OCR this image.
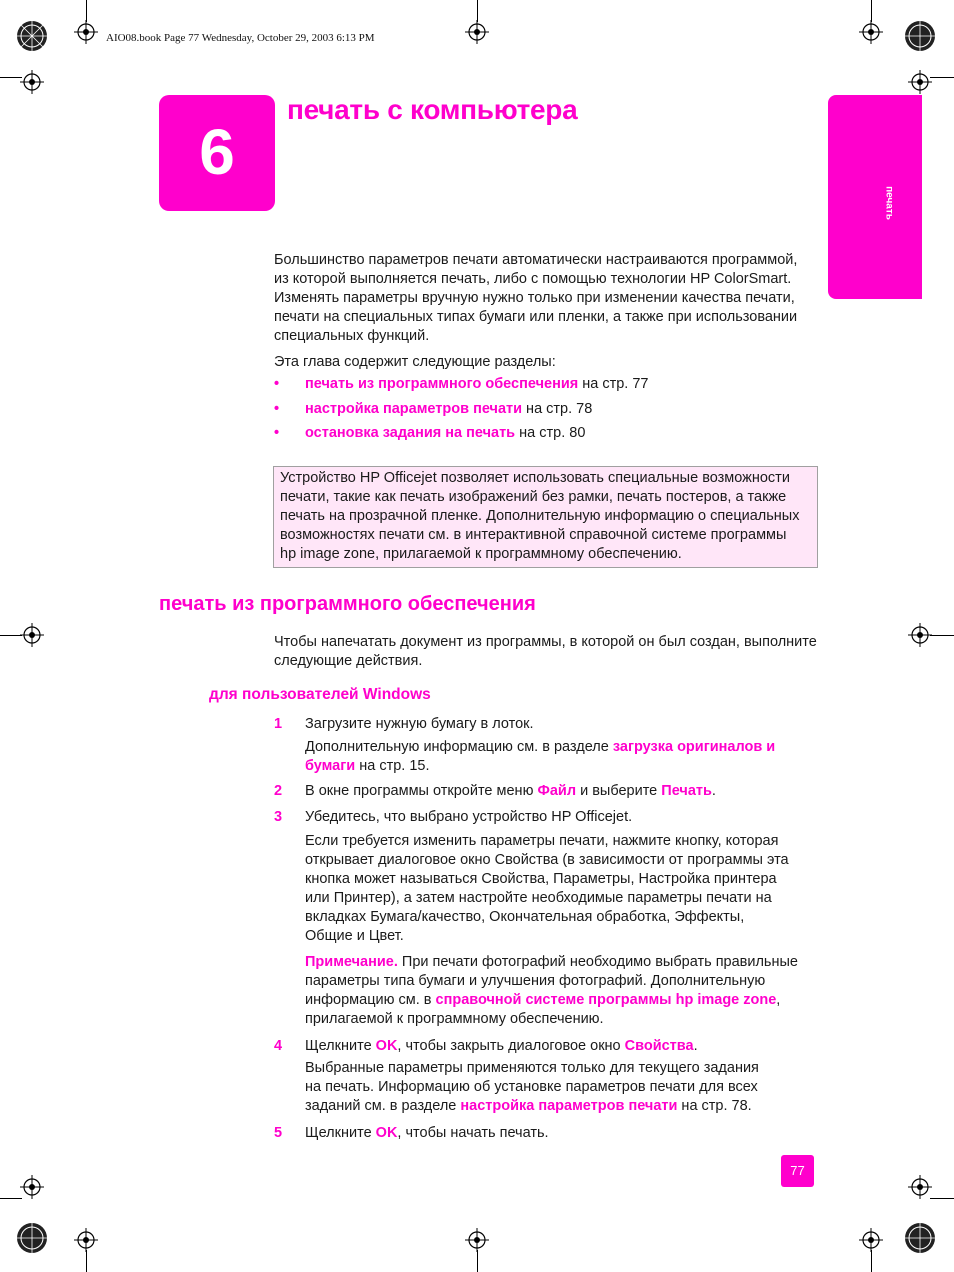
AIO08.book Page 77 Wednesday, October 29, 2003 6:13 PM
6
печать с компьютера
печать
Большинство параметров печати автоматически настраиваются программой,
из которой выполняется печать, либо с помощью технологии HP ColorSmart.
Изменять параметры вручную нужно только при изменении качества печати,
печати на специальных типах бумаги или пленки, а также при использовании
специальных функций.
Эта глава содержит следующие разделы:
• печать из программного обеспечения на стр. 77
• настройка параметров печати на стр. 78
• остановка задания на печать на стр. 80
Устройство HP Officejet позволяет использовать специальные возможности
печати, такие как печать изображений без рамки, печать постеров, а также
печать на прозрачной пленке. Дополнительную информацию о специальных
возможностях печати см. в интерактивной справочной системе программы
hp image zone, прилагаемой к программному обеспечению.
печать из программного обеспечения
Чтобы напечатать документ из программы, в которой он был создан, выполните
следующие действия.
для пользователей Windows
1 Загрузите нужную бумагу в лоток.
Дополнительную информацию см. в разделе загрузка оригиналов и
бумаги на стр. 15.
2 В окне программы откройте меню Файл и выберите Печать.
3 Убедитесь, что выбрано устройство HP Officejet.
Если требуется изменить параметры печати, нажмите кнопку, которая
открывает диалоговое окно Свойства (в зависимости от программы эта
кнопка может называться Свойства, Параметры, Настройка принтера
или Принтер), а затем настройте необходимые параметры печати на
вкладках Бумага/качество, Окончательная обработка, Эффекты,
Общие и Цвет.
Примечание. При печати фотографий необходимо выбрать правильные
параметры типа бумаги и улучшения фотографий. Дополнительную
информацию см. в справочной системе программы hp image zone,
прилагаемой к программному обеспечению.
4 Щелкните OK, чтобы закрыть диалоговое окно Свойства.
Выбранные параметры применяются только для текущего задания
на печать. Информацию об установке параметров печати для всех
заданий см. в разделе настройка параметров печати на стр. 78.
5 Щелкните OK, чтобы начать печать.
77
